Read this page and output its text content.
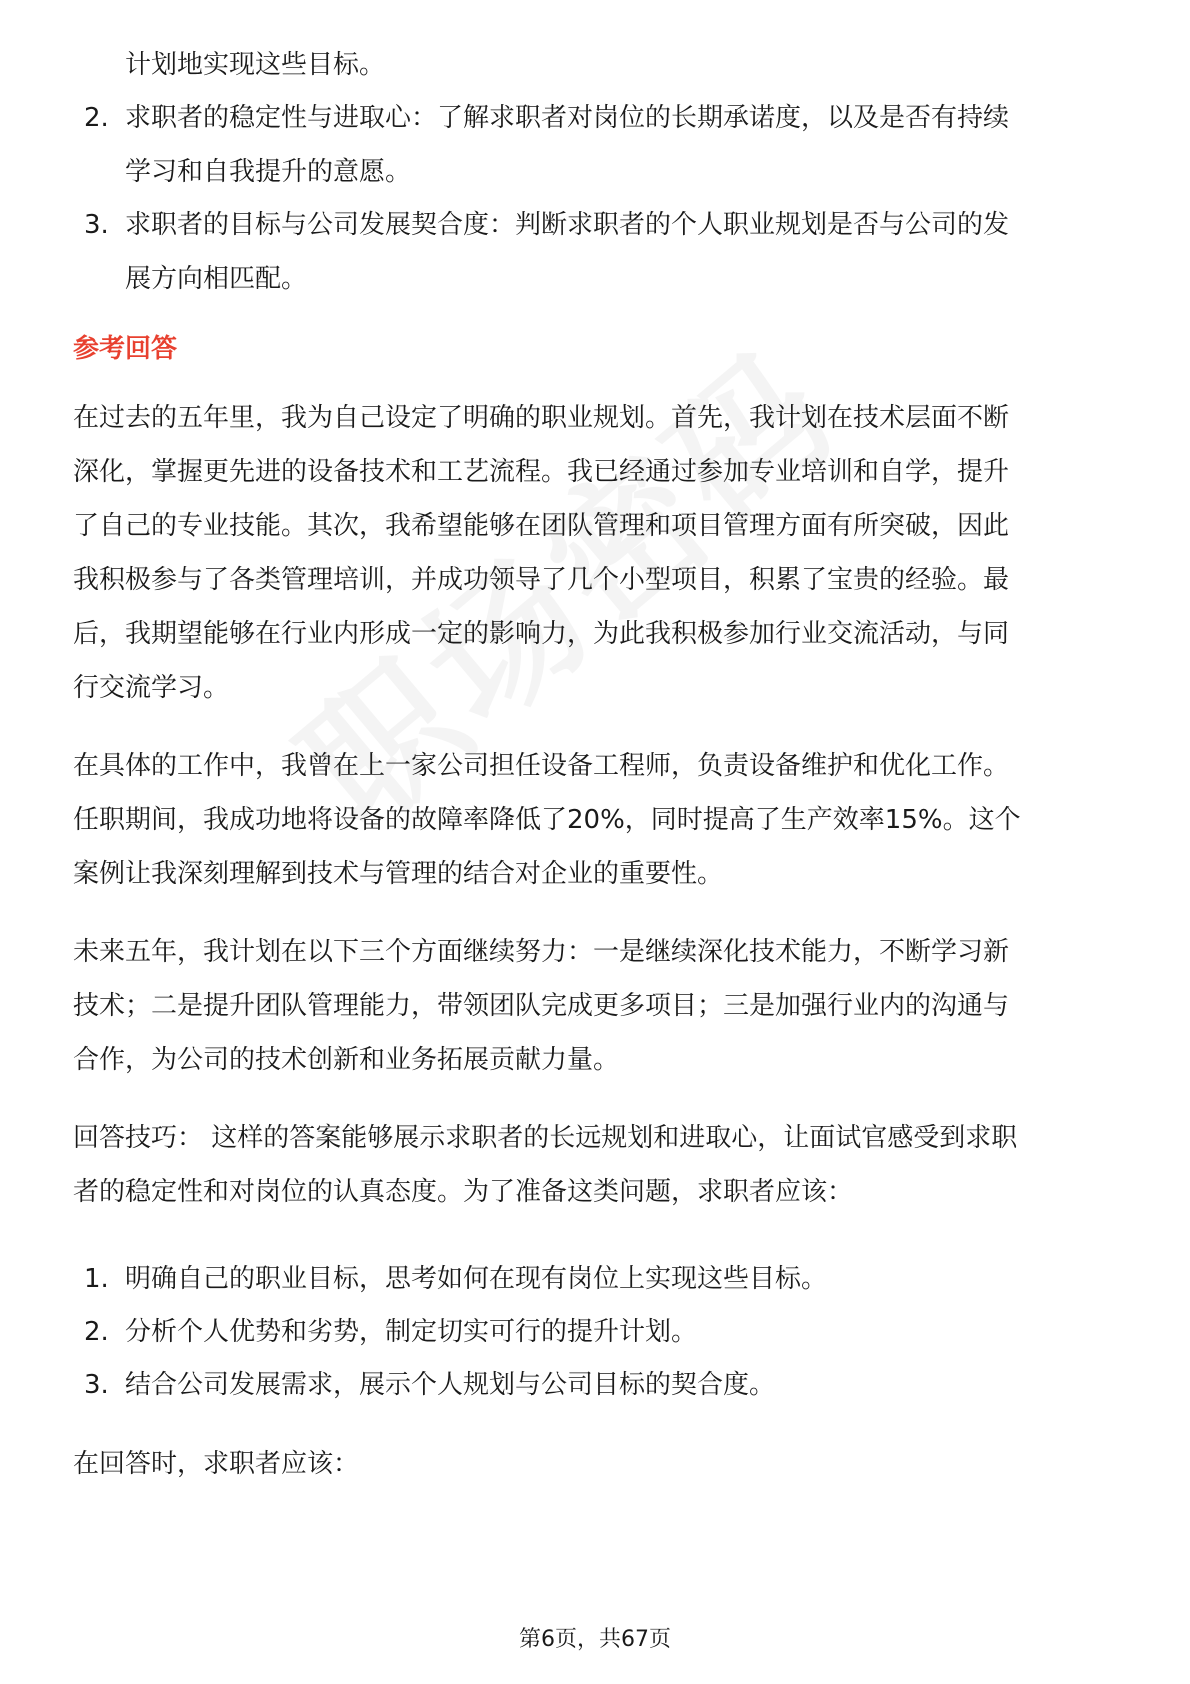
计划地实现这些目标。

2. 求职者的稳定性与进取心：了解求职者对岗位的长期承诺度，以及是否有持续

学习和自我提升的意愿。

3. 求职者的目标与公司发展契合度：判断求职者的个人职业规划是否与公司的发

展方向相匹配。

参考回答

在过去的五年里，我为自己设定了明确的职业规划。首先，我计划在技术层面不断

深化，掌握更先进的设备技术和工艺流程。我已经通过参加专业培训和自学，提升

了自己的专业技能。其次，我希望能够在团队管理和项目管理方面有所突破，因此

我积极参与了各类管理培训，并成功领导了几个小型项目，积累了宝贵的经验。最

后，我期望能够在行业内形成一定的影响力，为此我积极参加行业交流活动，与同

行交流学习。

在具体的工作中，我曾在上一家公司担任设备工程师，负责设备维护和优化工作。

任职期间，我成功地将设备的故障率降低了20%，同时提高了生产效率15%。这个

案例让我深刻理解到技术与管理的结合对企业的重要性。

未来五年，我计划在以下三个方面继续努力：一是继续深化技术能力，不断学习新

技术；二是提升团队管理能力，带领团队完成更多项目；三是加强行业内的沟通与

合作，为公司的技术创新和业务拓展贡献力量。

回答技巧： 这样的答案能够展示求职者的长远规划和进取心，让面试官感受到求职

者的稳定性和对岗位的认真态度。为了准备这类问题，求职者应该：

1. 明确自己的职业目标，思考如何在现有岗位上实现这些目标。

2. 分析个人优势和劣势，制定切实可行的提升计划。

3. 结合公司发展需求，展示个人规划与公司目标的契合度。

在回答时，求职者应该：

第6页，共67页
